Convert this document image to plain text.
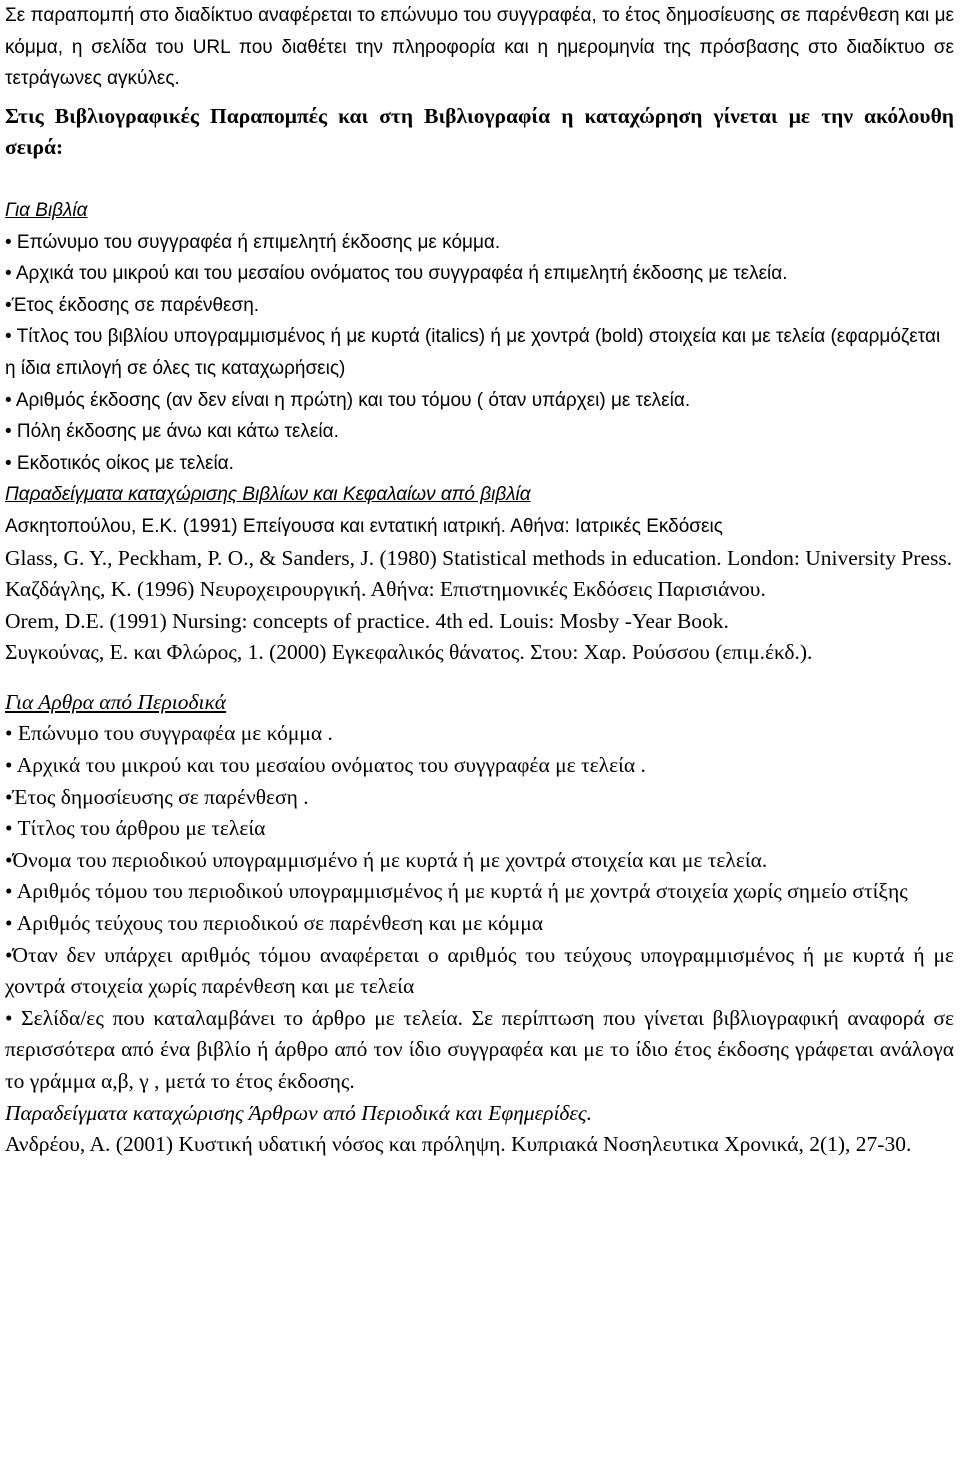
Σε παραπομπή στο διαδίκτυο αναφέρεται το επώνυμο του συγγραφέα, το έτος δημοσίευσης σε παρένθεση και με κόμμα, η σελίδα του URL που διαθέτει την πληροφορία και η ημερομηνία της πρόσβασης στο διαδίκτυο σε τετράγωνες αγκύλες.

Στις Βιβλιογραφικές Παραπομπές και στη Βιβλιογραφία η καταχώρηση γίνεται με την ακόλουθη σειρά:

Για Βιβλία

• Επώνυμο του συγγραφέα ή επιμελητή έκδοσης με κόμμα.

• Αρχικά του μικρού και του μεσαίου ονόματος του συγγραφέα ή επιμελητή έκδοσης με τελεία.

•Έτος έκδοσης σε παρένθεση.

• Τίτλος του βιβλίου υπογραμμισμένος ή με κυρτά (italics) ή με χοντρά (bold) στοιχεία και με τελεία (εφαρμόζεται η ίδια επιλογή σε όλες τις καταχωρήσεις)

• Αριθμός έκδοσης (αν δεν είναι η πρώτη) και του τόμου ( όταν υπάρχει) με τελεία.

• Πόλη έκδοσης με άνω και κάτω τελεία.

• Εκδοτικός οίκος με τελεία.

Παραδείγματα καταχώρισης Βιβλίων και Κεφαλαίων από βιβλία

Ασκητοπούλου, Ε.Κ. (1991) Επείγουσα και εντατική ιατρική. Αθήνα: Ιατρικές Εκδόσεις

Glass, G. Y., Peckham, P. O., & Sanders, J. (1980) Statistical methods in education. London: University Press.

Καζδάγλης, Κ. (1996) Νευροχειρουργική. Αθήνα: Επιστημονικές Εκδόσεις Παρισιάνου.

Orem, D.E. (1991) Nursing: concepts of practice. 4th ed. Louis: Mosby -Year Book.

Συγκούνας, Ε. και Φλώρος, 1. (2000) Εγκεφαλικός θάνατος. Στου: Χαρ. Ρούσσου (επιμ.έκδ.).

Για Αρθρα από Περιοδικά

• Επώνυμο του συγγραφέα με κόμμα .

• Αρχικά του μικρού και του μεσαίου ονόματος του συγγραφέα με τελεία .

•Έτος δημοσίευσης σε παρένθεση .

• Τίτλος του άρθρου με τελεία

•Όνομα του περιοδικού υπογραμμισμένο ή με κυρτά ή με χοντρά στοιχεία και με τελεία.

• Αριθμός τόμου του περιοδικού υπογραμμισμένος ή με κυρτά ή με χοντρά στοιχεία χωρίς σημείο στίξης

• Αριθμός τεύχους του περιοδικού σε παρένθεση και με κόμμα

•Όταν δεν υπάρχει αριθμός τόμου αναφέρεται ο αριθμός του τεύχους υπογραμμισμένος ή με κυρτά ή με χοντρά στοιχεία χωρίς παρένθεση και με τελεία

• Σελίδα/ες που καταλαμβάνει το άρθρο με τελεία. Σε περίπτωση που γίνεται βιβλιογραφική αναφορά σε περισσότερα από ένα βιβλίο ή άρθρο από τον ίδιο συγγραφέα και με το ίδιο έτος έκδοσης γράφεται ανάλογα το γράμμα α,β, γ , μετά το έτος έκδοσης.

Παραδείγματα καταχώρισης Άρθρων από Περιοδικά και Εφημερίδες.

Ανδρέου, Α. (2001) Κυστική υδατική νόσος και πρόληψη. Κυπριακά Νοσηλευτικα Χρονικά, 2(1), 27-30.
